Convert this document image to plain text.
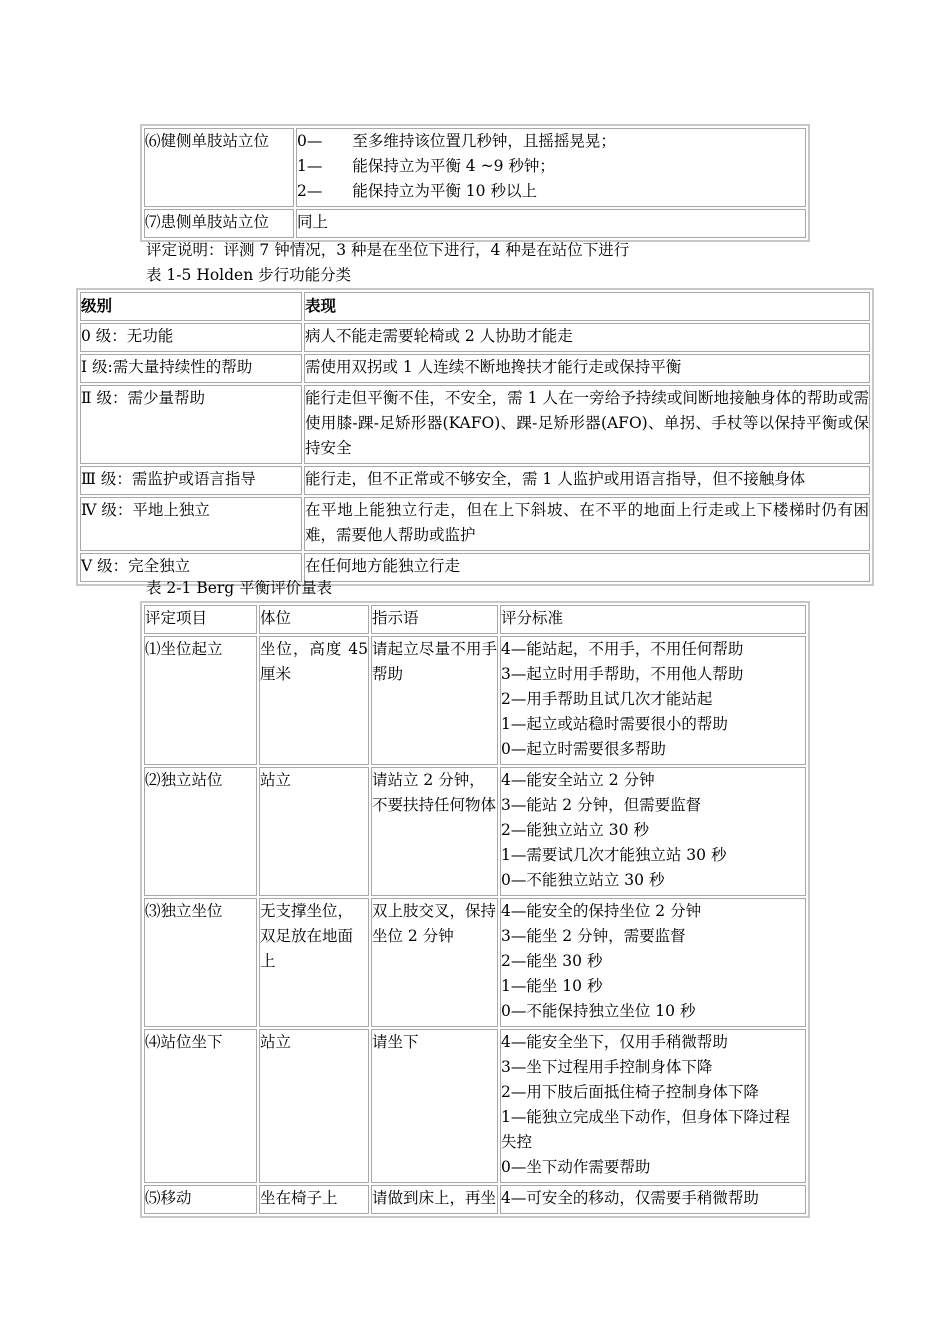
⑹健侧单肢站立位	0— 至多维持该位置几秒钟，且摇摇晃晃；
1— 能保持立为平衡 4 ~9 秒钟；
2— 能保持立为平衡 10 秒以上

⑺患侧单肢站立位	同上
评定说明：评测 7 钟情况，3 种是在坐位下进行，4 种是在站位下进行
表 1-5 Holden 步行功能分类
级别	表现
0 级：无功能	病人不能走需要轮椅或 2 人协助才能走
Ⅰ 级:需大量持续性的帮助	需使用双拐或 1 人连续不断地搀扶才能行走或保持平衡
Ⅱ 级：需少量帮助	能行走但平衡不佳，不安全，需 1 人在一旁给予持续或间断地接触身体的帮助或需使用膝-踝-足矫形器(KAFO)、踝-足矫形器(AFO)、单拐、手杖等以保持平衡或保持安全
Ⅲ 级：需监护或语言指导	能行走，但不正常或不够安全，需 1 人监护或用语言指导，但不接触身体
Ⅳ 级：平地上独立	在平地上能独立行走，但在上下斜坡、在不平的地面上行走或上下楼梯时仍有困难，需要他人帮助或监护
Ⅴ 级：完全独立	在任何地方能独立行走
表 2-1 Berg 平衡评价量表
评定项目	体位	指示语	评分标准
⑴坐位起立	坐位，高度 45 厘米	请起立尽量不用手帮助	4—能站起，不用手，不用任何帮助
3—起立时用手帮助，不用他人帮助
2—用手帮助且试几次才能站起
1—起立或站稳时需要很小的帮助
0—起立时需要很多帮助

⑵独立站位	站立	请站立 2 分钟，不要扶持任何物体	4—能安全站立 2 分钟
3—能站 2 分钟，但需要监督
2—能独立站立 30 秒
1—需要试几次才能独立站 30 秒
0—不能独立站立 30 秒

⑶独立坐位	无支撑坐位，双足放在地面上	双上肢交叉，保持坐位 2 分钟	4—能安全的保持坐位 2 分钟
3—能坐 2 分钟，需要监督
2—能坐 30 秒
1—能坐 10 秒
0—不能保持独立坐位 10 秒

⑷站位坐下	站立	请坐下	4—能安全坐下，仅用手稍微帮助
3—坐下过程用手控制身体下降
2—用下肢后面抵住椅子控制身体下降
1—能独立完成坐下动作，但身体下降过程失控
0—坐下动作需要帮助

⑸移动	坐在椅子上	请做到床上，再坐	4—可安全的移动，仅需要手稍微帮助
